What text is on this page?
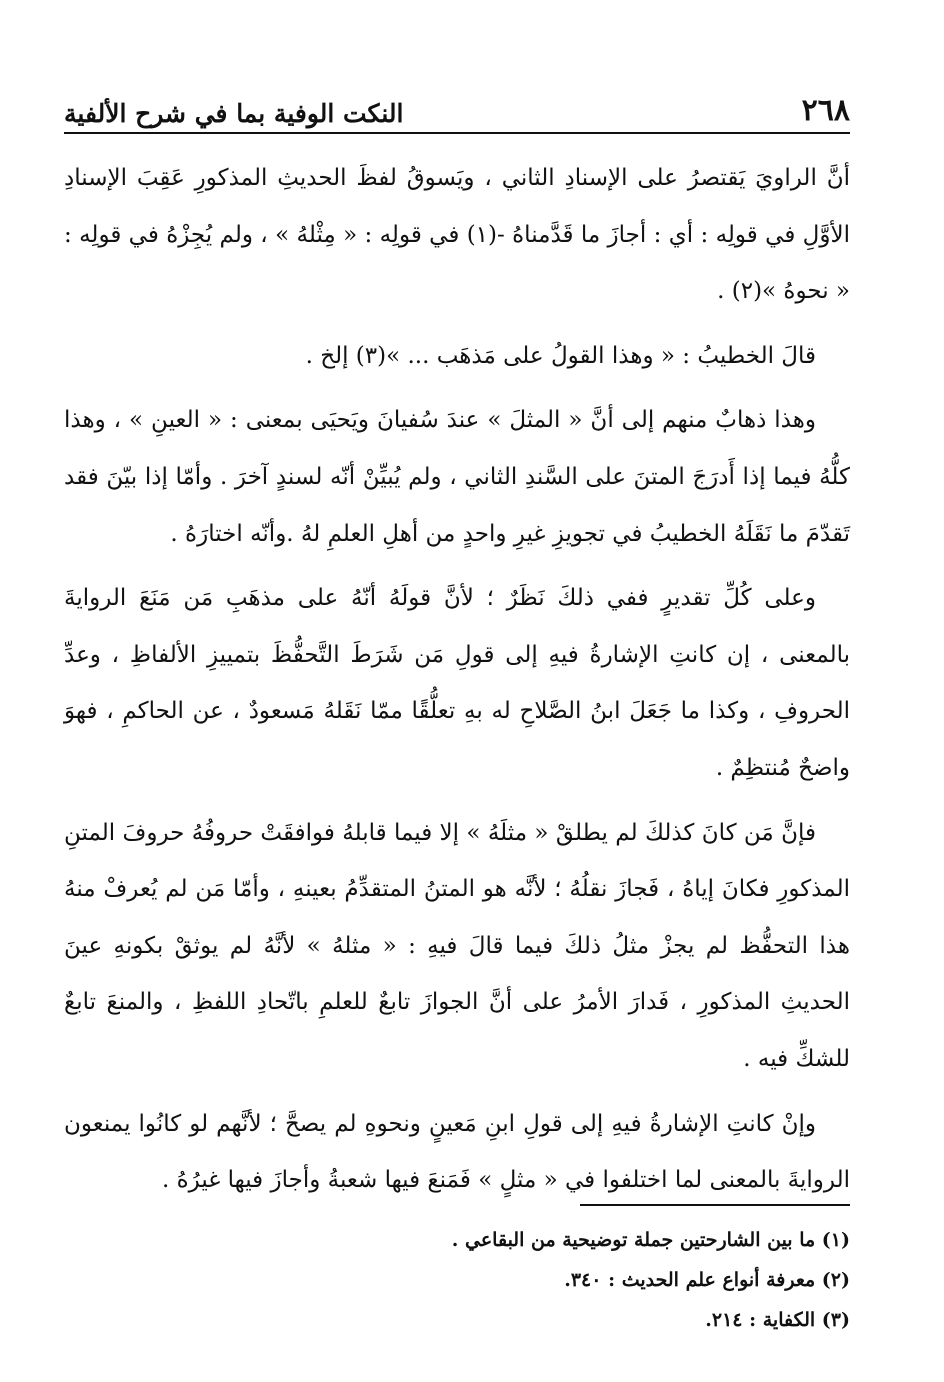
٢٦٨
النكت الوفية بما في شرح الألفية

أنَّ الراويَ يَقتصرُ على الإسنادِ الثاني ، ويَسوقُ لفظَ الحديثِ المذكورِ عَقِبَ الإسنادِ الأوَّلِ في قولِه : أي : أجازَ ما قَدَّمناهُ -(١) في قولِه : « مِثْلهُ » ، ولم يُجِزْهُ في قولِه : « نحوهُ »(٢) .

قالَ الخطيبُ : « وهذا القولُ على مَذهَب ... »(٣) إلخ .

وهذا ذهابٌ منهم إلى أنَّ « المثلَ » عندَ سُفيانَ ويَحيَى بمعنى : « العينِ » ، وهذا كلُّهُ فيما إذا أَدرَجَ المتنَ على السَّندِ الثاني ، ولم يُبيِّنْ أنّه لسندٍ آخرَ . وأمّا إذا بيّنَ فقد تَقدّمَ ما نَقَلَهُ الخطيبُ في تجويزِ غيرِ واحدٍ من أهلِ العلمِ لهُ .وأنّه اختارَهُ .

وعلى كُلِّ تقديرٍ ففي ذلكَ نَظَرٌ ؛ لأنَّ قولَهُ أنّهُ على مذهَبِ مَن مَنَعَ الروايةَ بالمعنى ، إن كانتِ الإشارةُ فيهِ إلى قولِ مَن شَرَطَ التَّحفُّظَ بتمييزِ الألفاظِ ، وعدِّ الحروفِ ، وكذا ما جَعَلَ ابنُ الصَّلاحِ له بهِ تعلُّقًا ممّا نَقَلهُ مَسعودٌ ، عن الحاكمِ ، فهوَ واضحٌ مُنتظِمٌ .

فإنَّ مَن كانَ كذلكَ لم يطلقْ « مثلَهُ » إلا فيما قابلهُ فوافقَتْ حروفُهُ حروفَ المتنِ المذكورِ فكانَ إياهُ ، فَجازَ نقلُهُ ؛ لأنَّه هو المتنُ المتقدِّمُ بعينهِ ، وأمّا مَن لم يُعرفْ منهُ هذا التحفُّظ لم يجزْ مثلُ ذلكَ فيما قالَ فيهِ : « مثلهُ » لأنَّهُ لم يوثقْ بكونهِ عينَ الحديثِ المذكورِ ، فَدارَ الأمرُ على أنَّ الجوازَ تابعٌ للعلمِ باتّحادِ اللفظِ ، والمنعَ تابعٌ للشكِّ فيه .

وإنْ كانتِ الإشارةُ فيهِ إلى قولِ ابنِ مَعينٍ ونحوهِ لم يصحَّ ؛ لأنَّهم لو كانُوا يمنعون الروايةَ بالمعنى لما اختلفوا في « مثلٍ » فَمَنعَ فيها شعبةُ وأجازَ فيها غيرُهُ .

(١) ما بين الشارحتين جملة توضيحية من البقاعي .

(٢) معرفة أنواع علم الحديث : ٣٤٠.

(٣) الكفاية : ٢١٤.
